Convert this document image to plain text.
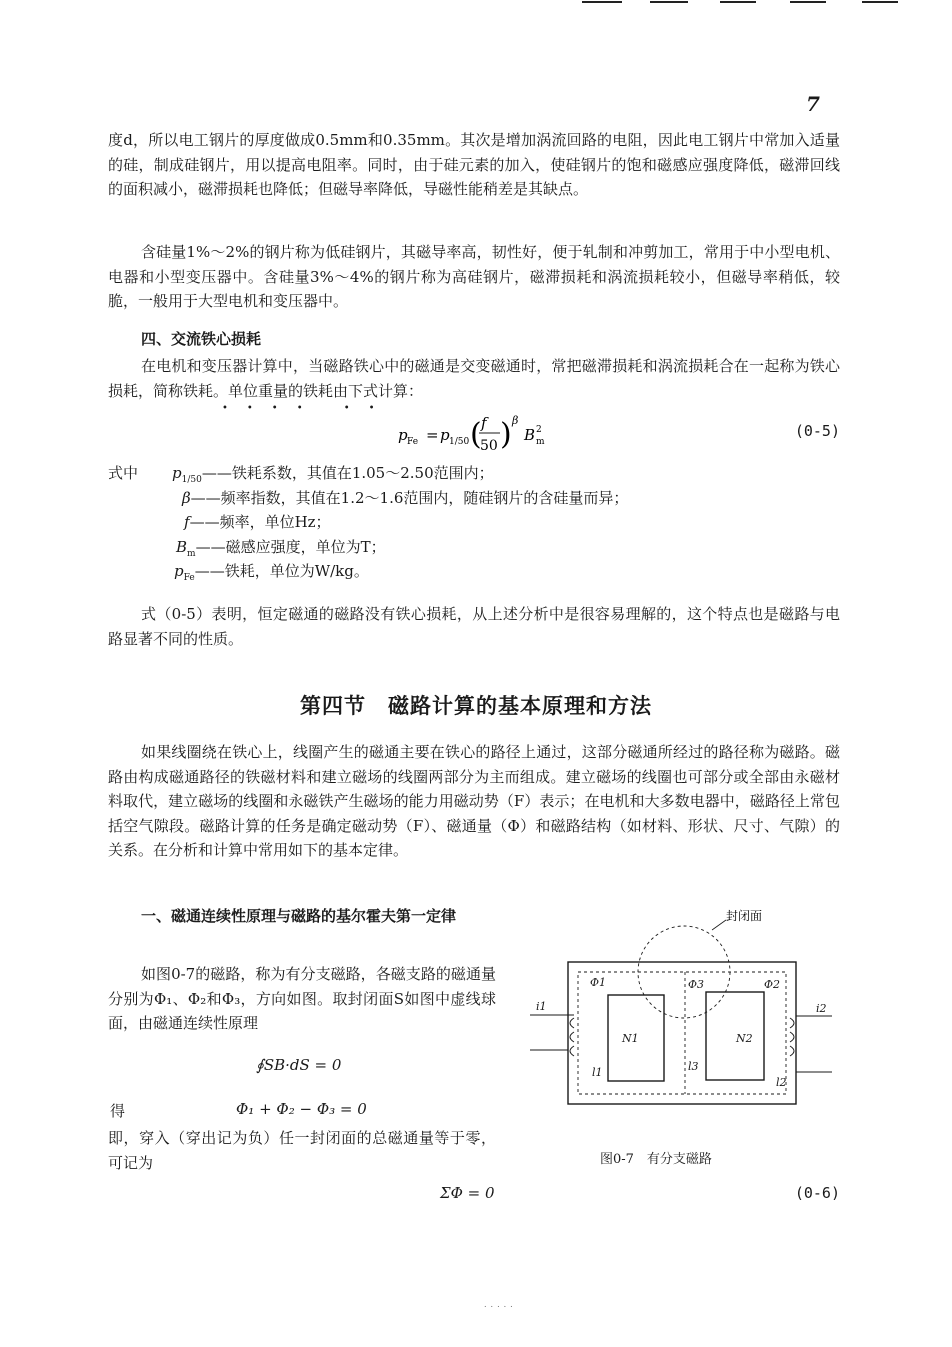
7

度d，所以电工钢片的厚度做成0.5mm和0.35mm。其次是增加涡流回路的电阻，因此电工钢片中常加入适量的硅，制成硅钢片，用以提高电阻率。同时，由于硅元素的加入，使硅钢片的饱和磁感应强度降低，磁滞回线的面积减小，磁滞损耗也降低；但磁导率降低，导磁性能稍差是其缺点。

含硅量1%～2%的钢片称为低硅钢片，其磁导率高，韧性好，便于轧制和冲剪加工，常用于中小型电机、电器和小型变压器中。含硅量3%～4%的钢片称为高硅钢片，磁滞损耗和涡流损耗较小，但磁导率稍低，较脆，一般用于大型电机和变压器中。

四、交流铁心损耗

在电机和变压器计算中，当磁路铁心中的磁通是交变磁通时，常把磁滞损耗和涡流损耗合在一起称为铁心损耗，简称铁耗。单位重量的铁耗由下式计算：

•••• ••
p Fe = p 1/50 ( f
50 ) β
B m
2	(0-5)
式中 $p_{1/50}——$铁耗系数，其值在1.05～2.50范围内；
β——频率指数，其值在1.2～1.6范围内，随硅钢片的含硅量而异；
f——频率，单位Hz；
$B_m——$磁感应强度，单位为T；
$p_{Fe}——$铁耗，单位为W/kg。

式（0-5）表明，恒定磁通的磁路没有铁心损耗，从上述分析中是很容易理解的，这个特点也是磁路与电路显著不同的性质。

第四节　磁路计算的基本原理和方法

如果线圈绕在铁心上，线圈产生的磁通主要在铁心的路径上通过，这部分磁通所经过的路径称为磁路。磁路由构成磁通路径的铁磁材料和建立磁场的线圈两部分为主而组成。建立磁场的线圈也可部分或全部由永磁材料取代，建立磁场的线圈和永磁铁产生磁场的能力用磁动势（F）表示；在电机和大多数电器中，磁路径上常包括空气隙段。磁路计算的任务是确定磁动势（F）、磁通量（Φ）和磁路结构（如材料、形状、尺寸、气隙）的关系。在分析和计算中常用如下的基本定律。

一、磁通连续性原理与磁路的基尔霍夫第一定律

如图0-7的磁路，称为有分支磁路，各磁支路的磁通量分别为Φ₁、Φ₂和Φ₃，方向如图。取封闭面S如图中虚线球面，由磁通连续性原理

∮SB·dS = 0
得	Φ₁ + Φ₂ − Φ₃ = 0

即，穿入（穿出记为负）任一封闭面的总磁通量等于零，可记为

ΣΦ = 0	(0-6)
封闭面
Φ1	Φ3	Φ2
i1	i2
N1	N2
l1	l3
l2
图0-7　有分支磁路
.....
